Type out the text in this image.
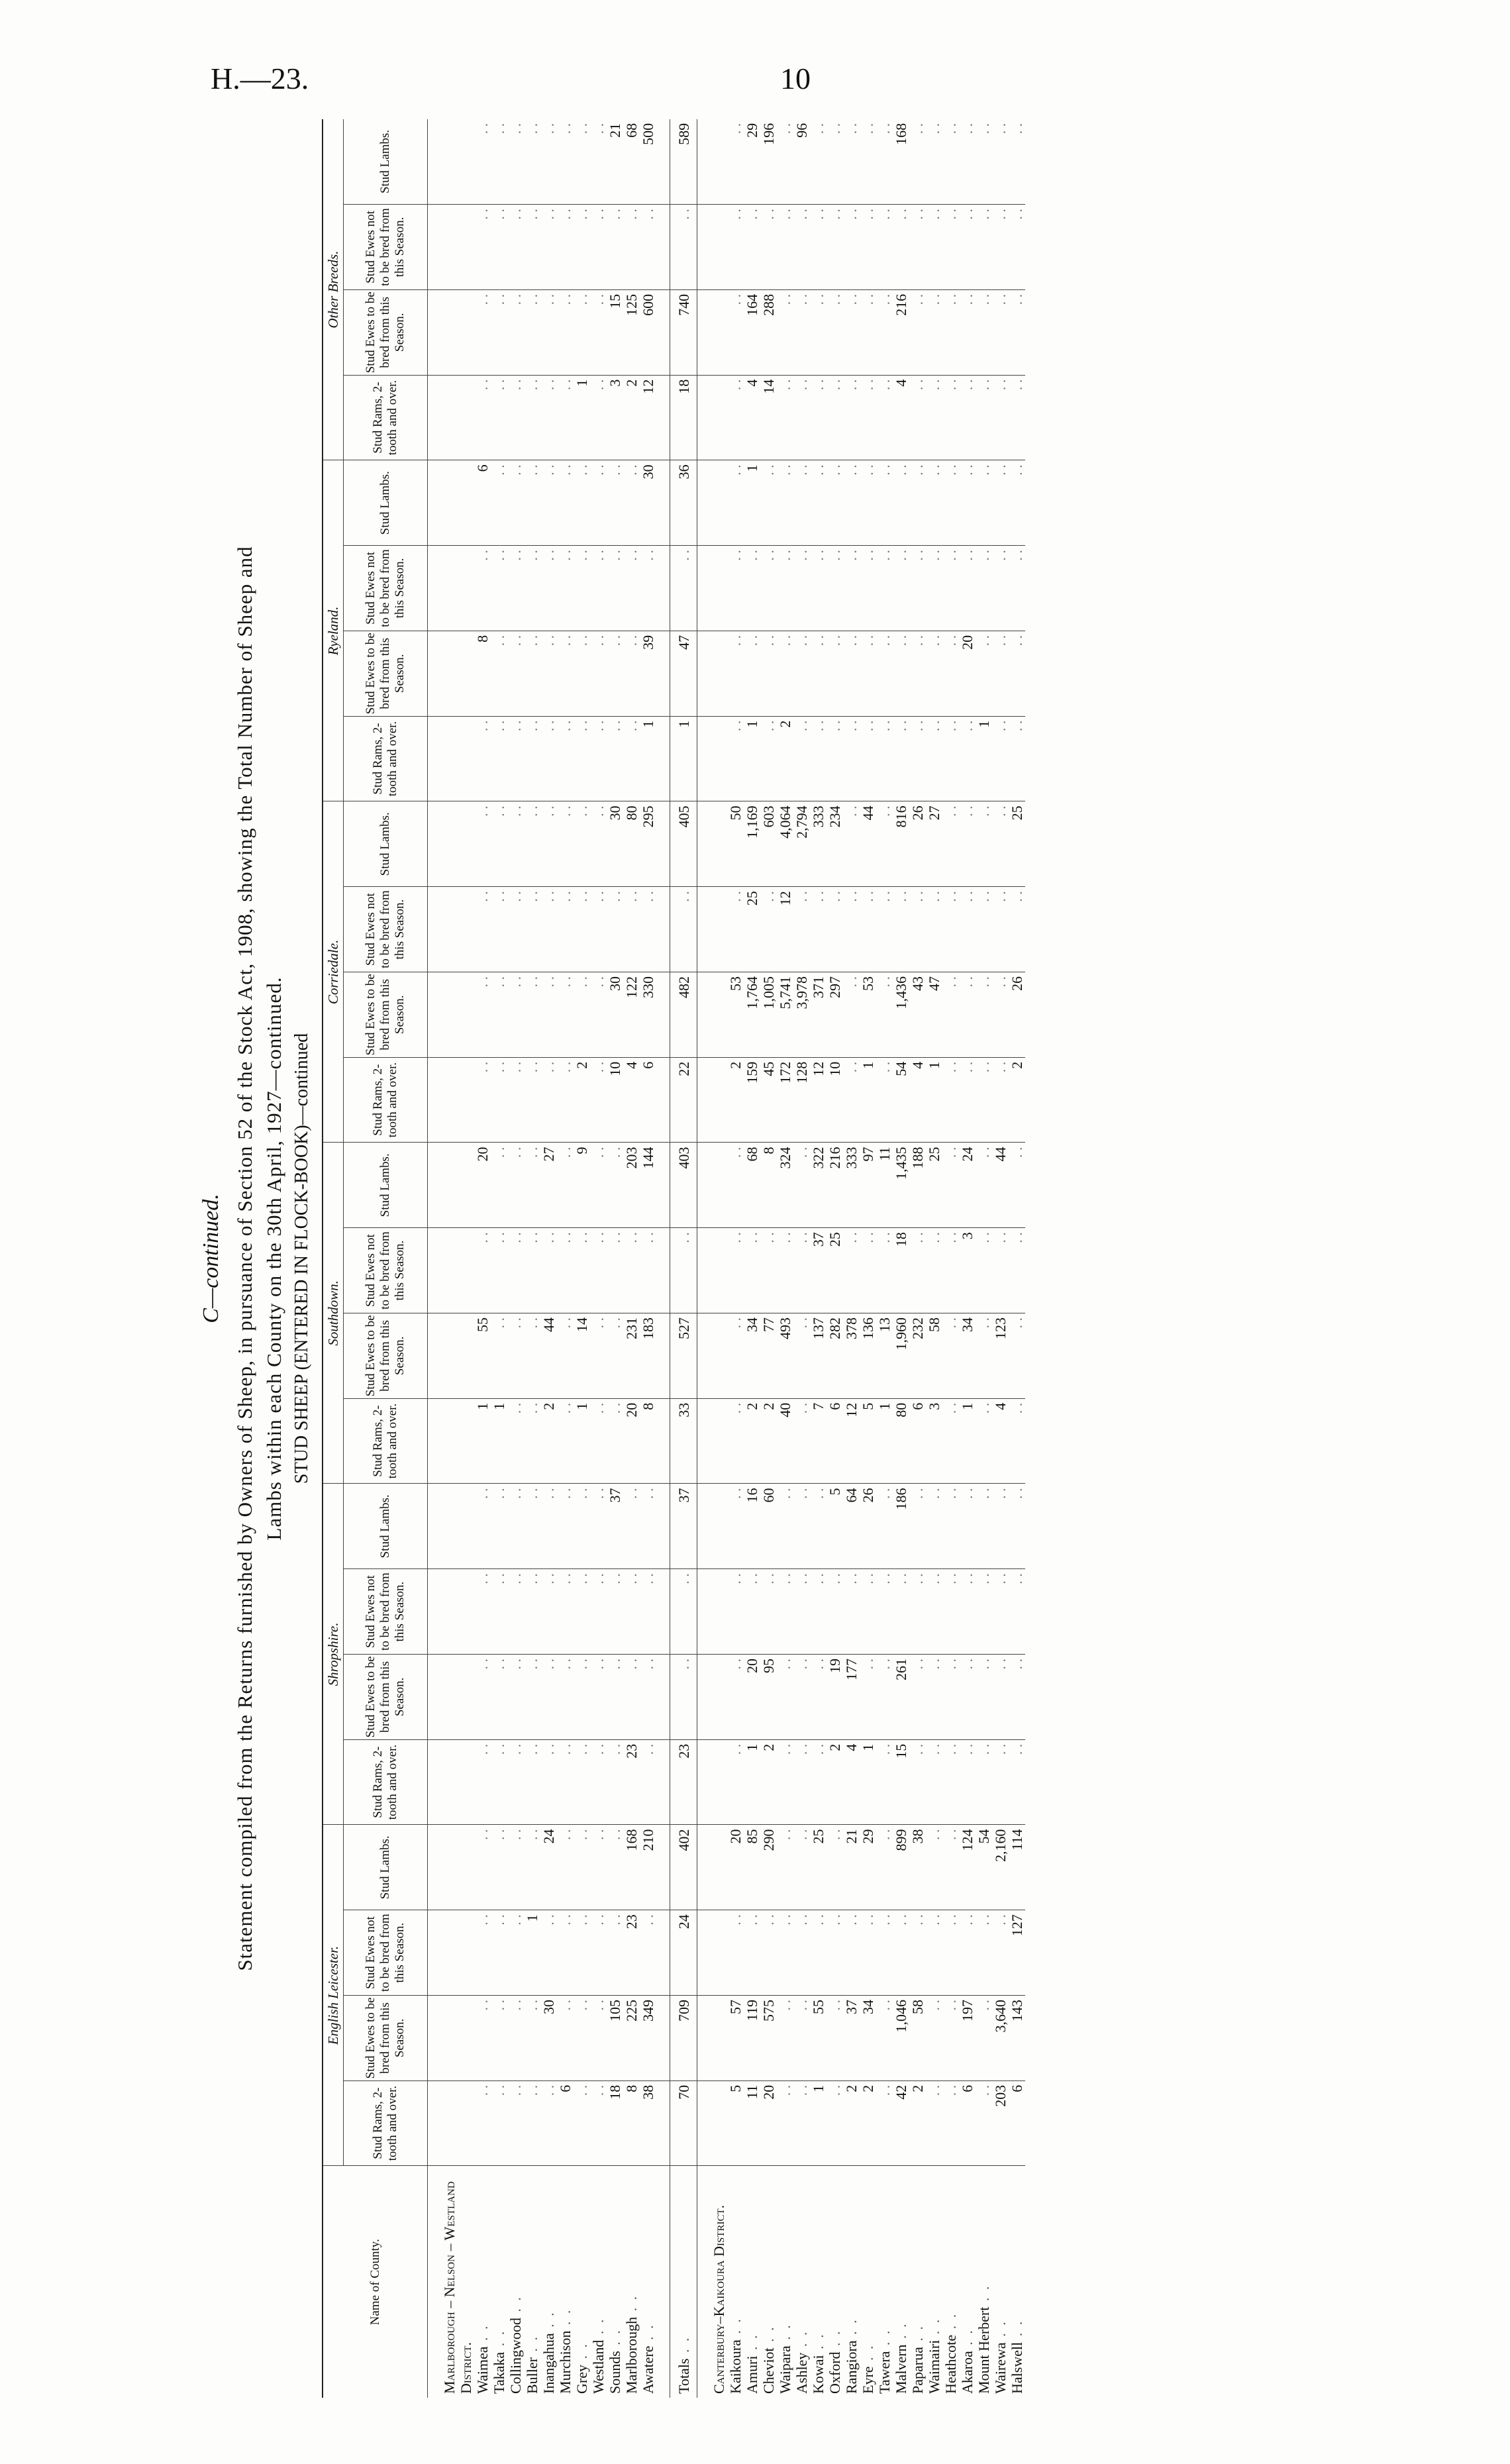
H.—23.	10
C—continued. Statement compiled from the Returns furnished by Owners of Sheep, in pursuance of Section 52 of the Stock Act, 1908, showing the Total Number of Sheep and Lambs within each County on the 30th April, 1927—continued. STUD SHEEP (ENTERED IN FLOCK-BOOK)—continued
Name of County.	English Leicester.				Shropshire.				Southdown.				Corriedale.				Ryeland.				Other Breeds.			
	Stud Rams, 2-tooth and over.	Stud Ewes to be bred from this Season.	Stud Ewes not to be bred from this Season.	Stud Lambs.	Stud Rams, 2-tooth and over.	Stud Ewes to be bred from this Season.	Stud Ewes not to be bred from this Season.	Stud Lambs.	Stud Rams, 2-tooth and over.	Stud Ewes to be bred from this Season.	Stud Ewes not to be bred from this Season.	Stud Lambs.	Stud Rams, 2-tooth and over.	Stud Ewes to be bred from this Season.	Stud Ewes not to be bred from this Season.	Stud Lambs.	Stud Rams, 2-tooth and over.	Stud Ewes to be bred from this Season.	Stud Ewes not to be bred from this Season.	Stud Lambs.	Stud Rams, 2-tooth and over.	Stud Ewes to be bred from this Season.	Stud Ewes not to be bred from this Season.	Stud Lambs.

Marlborough – Nelson – Westland District.																								
Waimea . .	. .	. .	. .	. .	. .	. .	. .	. .	1	55	. .	20	. .	. .	. .	. .	. .	8	. .	6	. .	. .	. .	. .
Takaka . .	. .	. .	. .	. .	. .	. .	. .	. .	1	. .	. .	. .	. .	. .	. .	. .	. .	. .	. .	. .	. .	. .	. .	. .
Collingwood . .	. .	. .	. .	. .	. .	. .	. .	. .	. .	. .	. .	. .	. .	. .	. .	. .	. .	. .	. .	. .	. .	. .	. .	. .
Buller . .	. .	. .	1	. .	. .	. .	. .	. .	. .	. .	. .	. .	. .	. .	. .	. .	. .	. .	. .	. .	. .	. .	. .	. .
Inangahua . .	. .	30	. .	24	. .	. .	. .	. .	2	44	. .	27	. .	. .	. .	. .	. .	. .	. .	. .	. .	. .	. .	. .
Murchison . .	6	. .	. .	. .	. .	. .	. .	. .	. .	. .	. .	. .	. .	. .	. .	. .	. .	. .	. .	. .	. .	. .	. .	. .
Grey . .	. .	. .	. .	. .	. .	. .	. .	. .	1	14	. .	9	2	. .	. .	. .	. .	. .	. .	. .	1	. .	. .	. .
Westland . .	. .	. .	. .	. .	. .	. .	. .	. .	. .	. .	. .	. .	. .	. .	. .	. .	. .	. .	. .	. .	. .	. .	. .	. .
Sounds . .	18	105	. .	. .	. .	. .	. .	37	. .	. .	. .	. .	10	30	. .	30	. .	. .	. .	. .	3	15	. .	21
Marlborough . .	8	225	23	168	23	. .	. .	. .	20	231	. .	203	4	122	. .	80	. .	. .	. .	. .	2	125	. .	68
Awatere . .	38	349	. .	210	. .	. .	. .	. .	8	183	. .	144	6	330	. .	295	1	39	. .	30	12	600	. .	500

Totals . .	70	709	24	402	23	. .	. .	37	33	527	. .	403	22	482	. .	405	1	47	. .	36	18	740	. .	589

Canterbury–Kaikoura District.																								
Kaikoura . .	5	57	. .	20	. .	. .	. .	. .	. .	. .	. .	. .	2	53	. .	50	. .	. .	. .	. .	. .	. .	. .	. .
Amuri . .	11	119	. .	85	1	20	. .	16	2	34	. .	68	159	1,764	25	1,169	1	. .	. .	1	4	164	. .	29
Cheviot . .	20	575	. .	290	2	95	. .	60	2	77	. .	8	45	1,005	. .	603	. .	. .	. .	. .	14	288	. .	196
Waipara . .	. .	. .	. .	. .	. .	. .	. .	. .	40	493	. .	324	172	5,741	12	4,064	2	. .	. .	. .	. .	. .	. .	. .
Ashley . .	. .	. .	. .	. .	. .	. .	. .	. .	. .	. .	. .	. .	128	3,978	. .	2,794	. .	. .	. .	. .	. .	. .	. .	96
Kowai . .	1	55	. .	25	. .	. .	. .	. .	7	137	37	322	12	371	. .	333	. .	. .	. .	. .	. .	. .	. .	. .
Oxford . .	. .	. .	. .	. .	2	19	. .	5	6	282	25	216	10	297	. .	234	. .	. .	. .	. .	. .	. .	. .	. .
Rangiora . .	2	37	. .	21	4	177	. .	64	12	378	. .	333	. .	. .	. .	. .	. .	. .	. .	. .	. .	. .	. .	. .
Eyre . .	2	34	. .	29	1	. .	. .	26	5	136	. .	97	1	53	. .	44	. .	. .	. .	. .	. .	. .	. .	. .
Tawera . .	. .	. .	. .	. .	. .	. .	. .	. .	1	13	. .	11	. .	. .	. .	. .	. .	. .	. .	. .	. .	. .	. .	. .
Malvern . .	42	1,046	. .	899	15	261	. .	186	80	1,960	18	1,435	54	1,436	. .	816	. .	. .	. .	. .	4	216	. .	168
Paparua . .	2	58	. .	38	. .	. .	. .	. .	6	232	. .	188	4	43	. .	26	. .	. .	. .	. .	. .	. .	. .	. .
Waimairi . .	. .	. .	. .	. .	. .	. .	. .	. .	3	58	. .	25	1	47	. .	27	. .	. .	. .	. .	. .	. .	. .	. .
Heathcote . .	. .	. .	. .	. .	. .	. .	. .	. .	. .	. .	. .	. .	. .	. .	. .	. .	. .	. .	. .	. .	. .	. .	. .	. .
Akaroa . .	6	197	. .	124	. .	. .	. .	. .	1	34	3	24	. .	. .	. .	. .	. .	20	. .	. .	. .	. .	. .	. .
Mount Herbert . .	. .	. .	. .	54	. .	. .	. .	. .	. .	. .	. .	. .	. .	. .	. .	. .	1	. .	. .	. .	. .	. .	. .	. .
Wairewa . .	203	3,640	. .	2,160	. .	. .	. .	. .	4	123	. .	44	. .	. .	. .	. .	. .	. .	. .	. .	. .	. .	. .	. .
Halswell . .	6	143	127	114	. .	. .	. .	. .	. .	. .	. .	. .	2	26	. .	25	. .	. .	. .	. .	. .	. .	. .	. .
